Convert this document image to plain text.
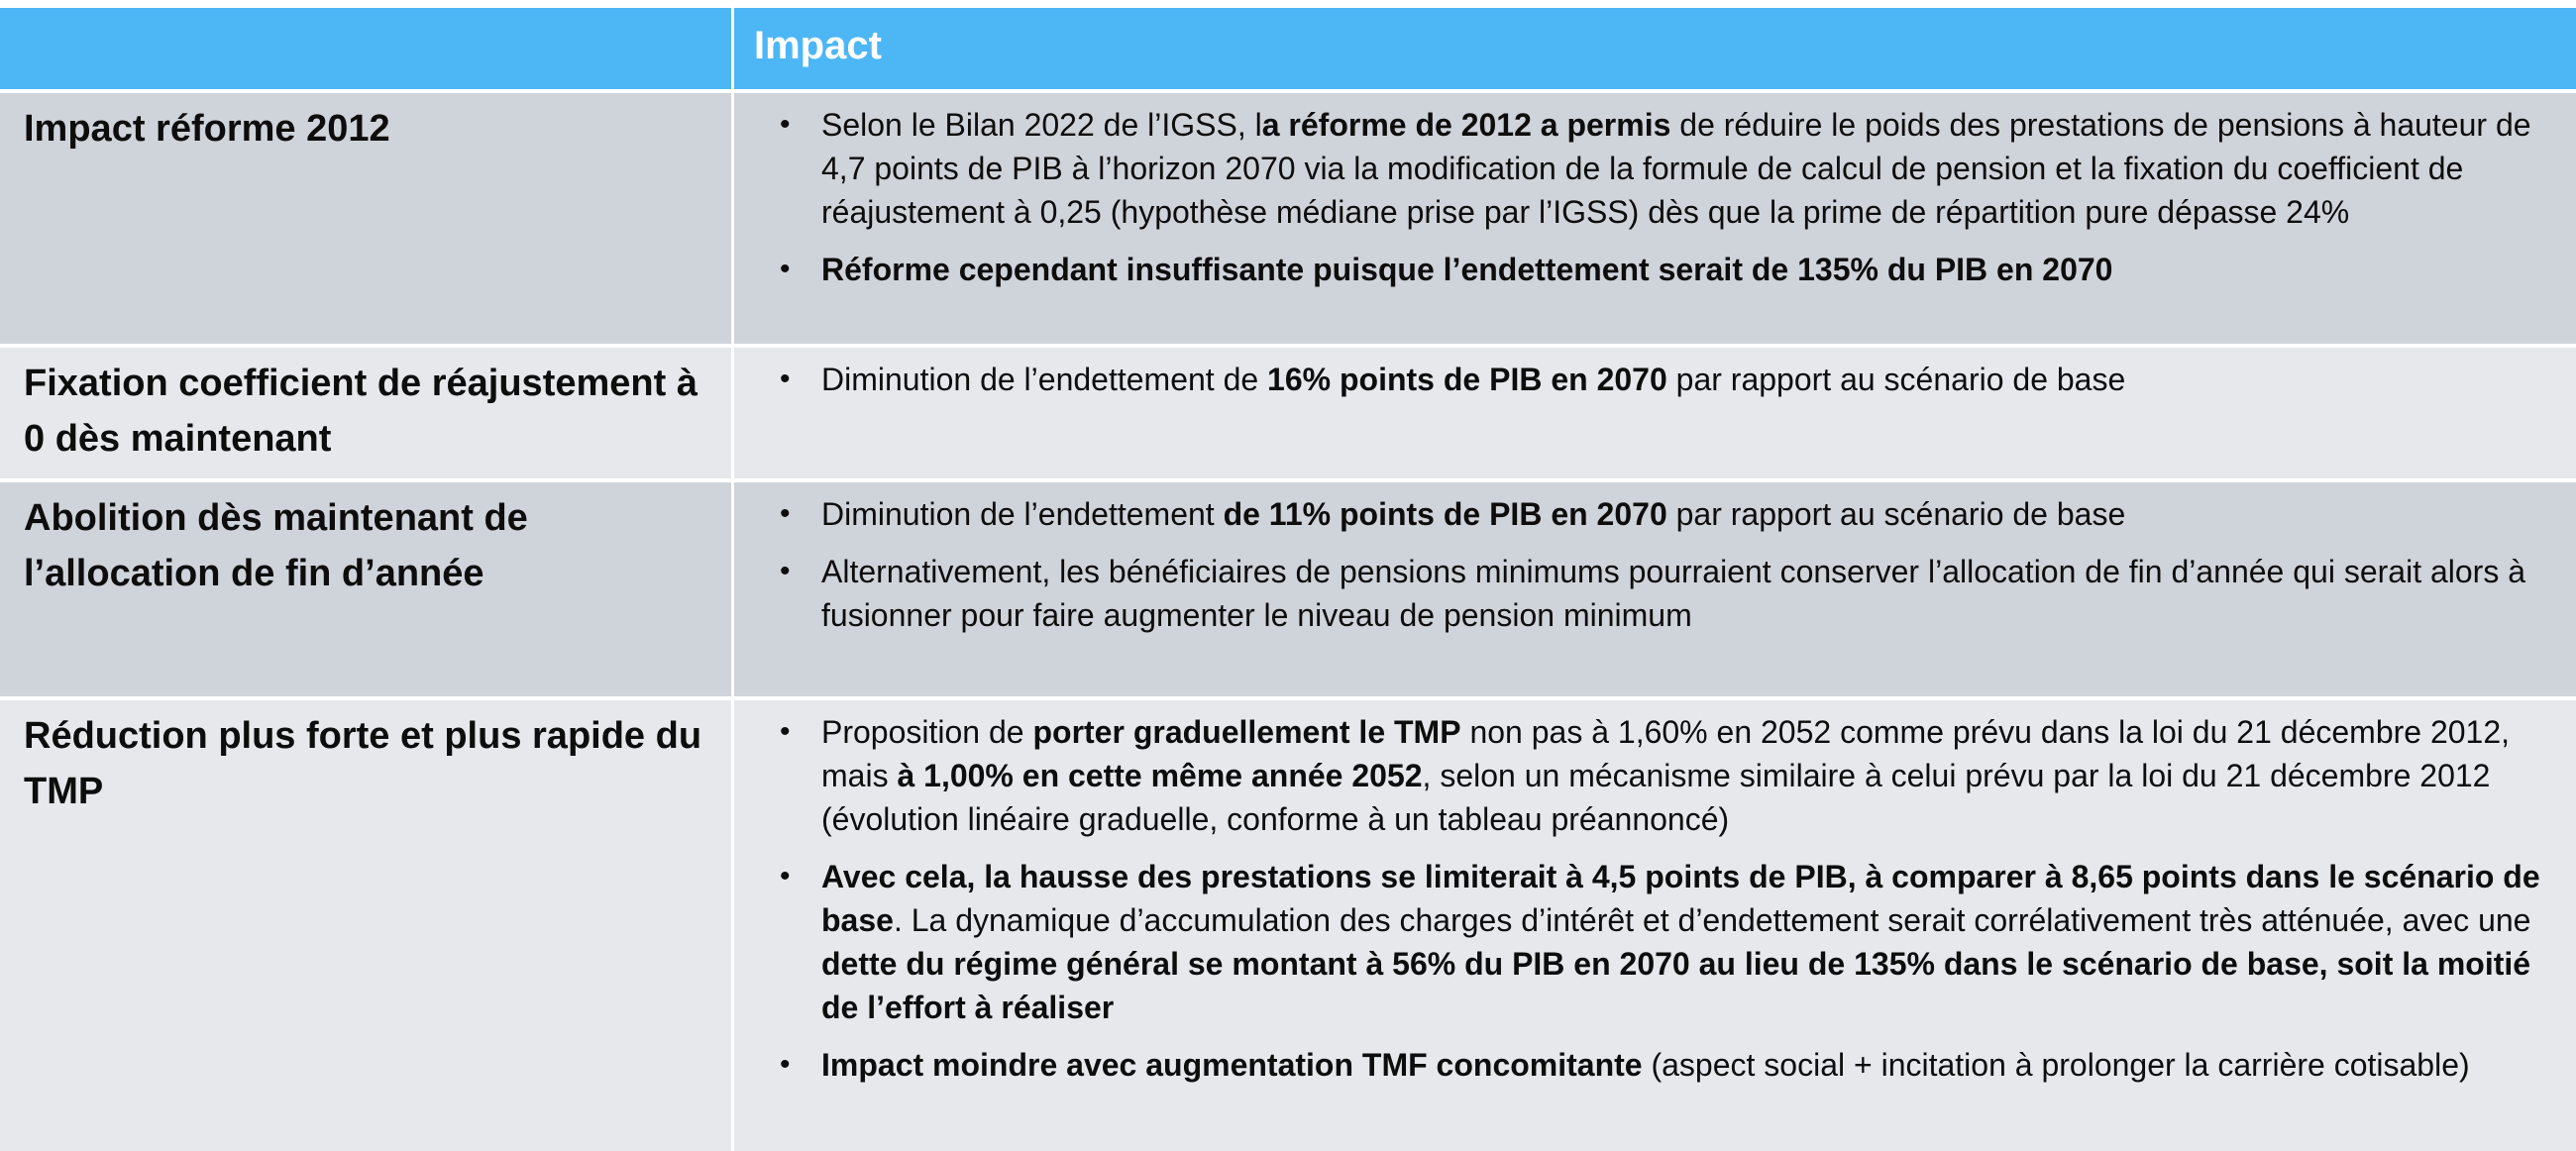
Impact
Impact réforme 2012	• Selon le Bilan 2022 de l’IGSS, la réforme de 2012 a permis de réduire le poids des prestations de pensions à hauteur de 4,7 points de PIB à l’horizon 2070 via la modification de la formule de calcul de pension et la fixation du coefficient de réajustement à 0,25 (hypothèse médiane prise par l’IGSS) dès que la prime de répartition pure dépasse 24%
• Réforme cependant insuffisante puisque l’endettement serait de 135% du PIB en 2070
Fixation coefficient de réajustement à 0 dès maintenant
• Diminution de l’endettement de 16% points de PIB en 2070 par rapport au scénario de base
Abolition dès maintenant de l’allocation de fin d’année
• Diminution de l’endettement de 11% points de PIB en 2070 par rapport au scénario de base
• Alternativement, les bénéficiaires de pensions minimums pourraient conserver l’allocation de fin d’année qui serait alors à fusionner pour faire augmenter le niveau de pension minimum
Réduction plus forte et plus rapide du TMP
• Proposition de porter graduellement le TMP non pas à 1,60% en 2052 comme prévu dans la loi du 21 décembre 2012, mais à 1,00% en cette même année 2052, selon un mécanisme similaire à celui prévu par la loi du 21 décembre 2012 (évolution linéaire graduelle, conforme à un tableau préannoncé)
• Avec cela, la hausse des prestations se limiterait à 4,5 points de PIB, à comparer à 8,65 points dans le scénario de base. La dynamique d’accumulation des charges d’intérêt et d’endettement serait corrélativement très atténuée, avec une dette du régime général se montant à 56% du PIB en 2070 au lieu de 135% dans le scénario de base, soit la moitié de l’effort à réaliser
• Impact moindre avec augmentation TMF concomitante (aspect social + incitation à prolonger la carrière cotisable)
